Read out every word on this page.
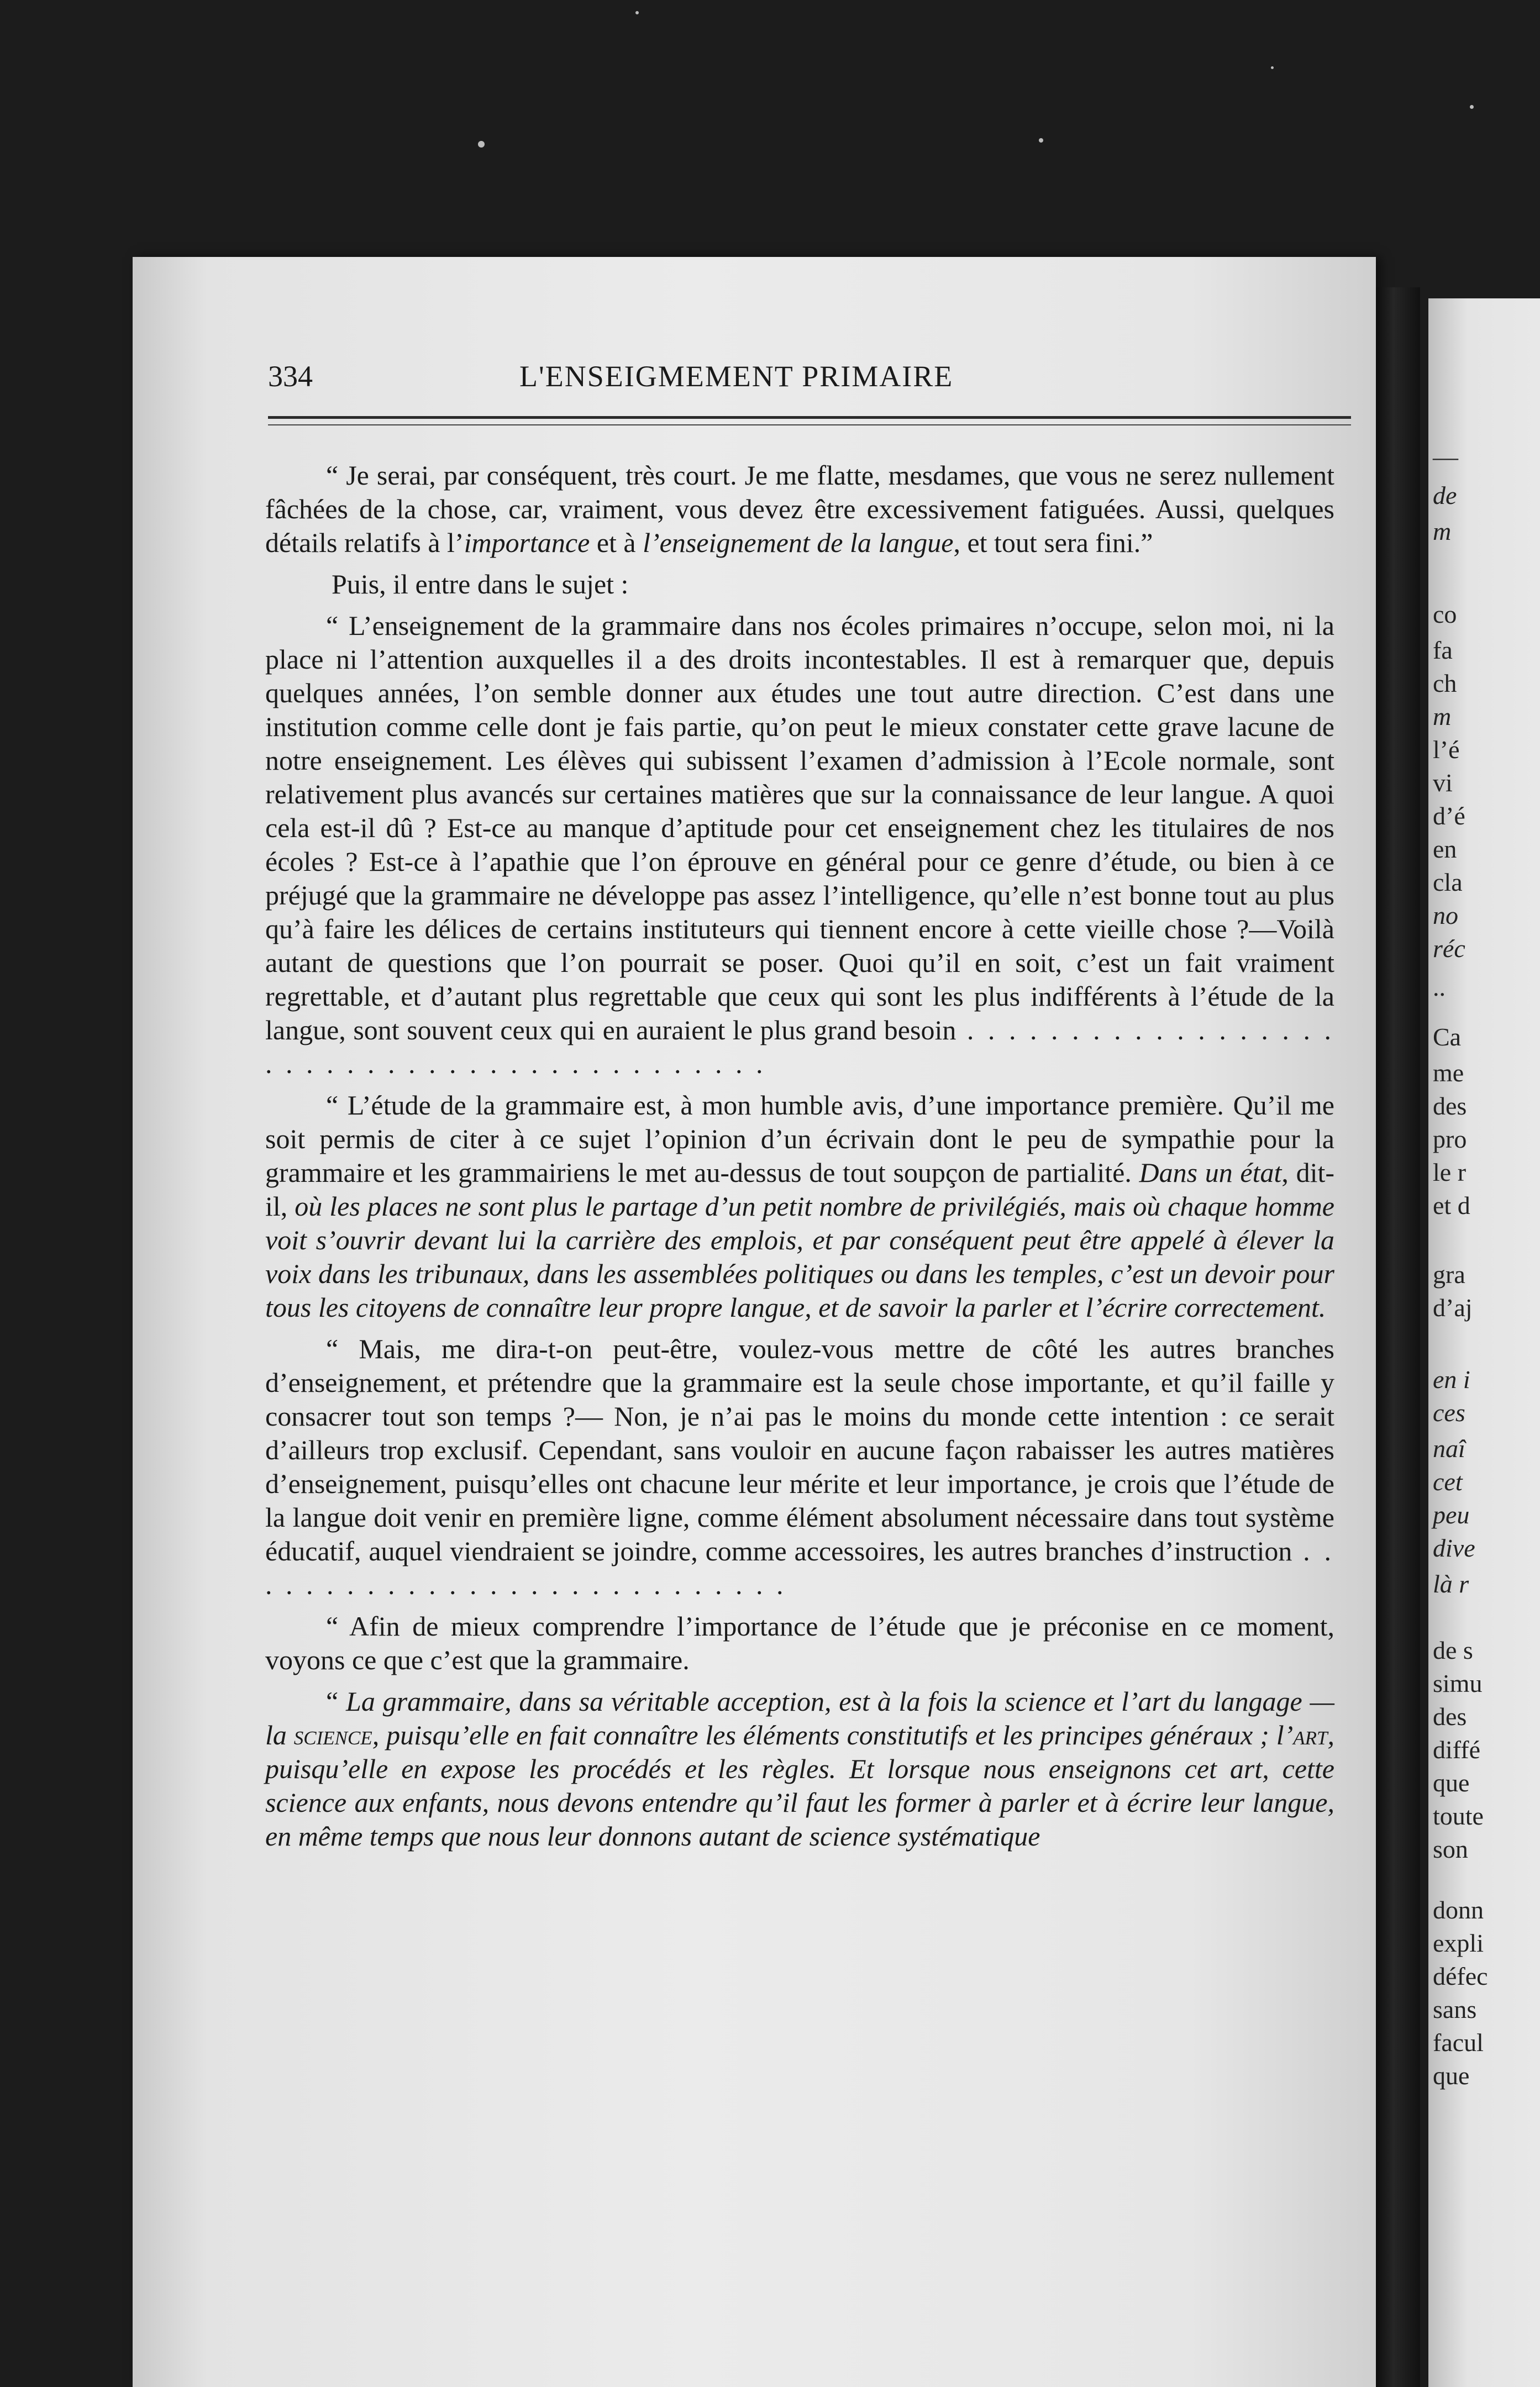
—
de
m
co
fa
ch
m
l’é
vi
d’é
en
cla
no
réc
..
Ca
me
des
pro
le r
et d
gra
d’aj
en i
ces
naî
cet
peu
dive
là r
de s
simu
des
diffé
que
toute
son
donn
expli
défec
sans
facul
que
334	L'ENSEIGMEMENT PRIMAIRE

“ Je serai, par conséquent, très court. Je me flatte, mesdames, que vous ne serez nullement fâchées de la chose, car, vraiment, vous devez être excessivement fatiguées. Aussi, quelques détails relatifs à l’importance et à l’enseignement de la langue, et tout sera fini.”

Puis, il entre dans le sujet :

“ L’enseignement de la grammaire dans nos écoles primaires n’occupe, selon moi, ni la place ni l’attention auxquelles il a des droits incontestables. Il est à remarquer que, depuis quelques années, l’on semble donner aux études une tout autre direction. C’est dans une institution comme celle dont je fais partie, qu’on peut le mieux constater cette grave lacune de notre enseignement. Les élèves qui subissent l’examen d’admission à l’Ecole normale, sont relativement plus avancés sur certaines matières que sur la connaissance de leur langue. A quoi cela est-il dû ? Est-ce au manque d’aptitude pour cet enseignement chez les titulaires de nos écoles ? Est-ce à l’apathie que l’on éprouve en général pour ce genre d’étude, ou bien à ce préjugé que la grammaire ne développe pas assez l’intelligence, qu’elle n’est bonne tout au plus qu’à faire les délices de certains instituteurs qui tiennent encore à cette vieille chose ?—Voilà autant de questions que l’on pourrait se poser. Quoi qu’il en soit, c’est un fait vraiment regrettable, et d’autant plus regrettable que ceux qui sont les plus indifférents à l’étude de la langue, sont souvent ceux qui en auraient le plus grand besoin . . . . . . . . . . . . . . . . . . . . . . . . . . . . . . . . . . . . . . . . . . .

“ L’étude de la grammaire est, à mon humble avis, d’une importance première. Qu’il me soit permis de citer à ce sujet l’opinion d’un écrivain dont le peu de sympathie pour la grammaire et les grammairiens le met au-dessus de tout soupçon de partialité. Dans un état, dit-il, où les places ne sont plus le partage d’un petit nombre de privilégiés, mais où chaque homme voit s’ouvrir devant lui la carrière des emplois, et par conséquent peut être appelé à élever la voix dans les tribunaux, dans les assemblées politiques ou dans les temples, c’est un devoir pour tous les citoyens de connaître leur propre langue, et de savoir la parler et l’écrire correctement.

“ Mais, me dira-t-on peut-être, voulez-vous mettre de côté les autres branches d’enseignement, et prétendre que la grammaire est la seule chose importante, et qu’il faille y consacrer tout son temps ?— Non, je n’ai pas le moins du monde cette intention : ce serait d’ailleurs trop exclusif. Cependant, sans vouloir en aucune façon rabaisser les autres matières d’enseignement, puisqu’elles ont chacune leur mérite et leur importance, je crois que l’étude de la langue doit venir en première ligne, comme élément absolument nécessaire dans tout système éducatif, auquel viendraient se joindre, comme accessoires, les autres branches d’instruction . . . . . . . . . . . . . . . . . . . . . . . . . . . .

“ Afin de mieux comprendre l’importance de l’étude que je préconise en ce moment, voyons ce que c’est que la grammaire.

“ La grammaire, dans sa véritable acception, est à la fois la science et l’art du langage — la science, puisqu’elle en fait connaître les éléments constitutifs et les principes généraux ; l’art, puisqu’elle en expose les procédés et les règles. Et lorsque nous enseignons cet art, cette science aux enfants, nous devons entendre qu’il faut les former à parler et à écrire leur langue, en même temps que nous leur donnons autant de science systématique
